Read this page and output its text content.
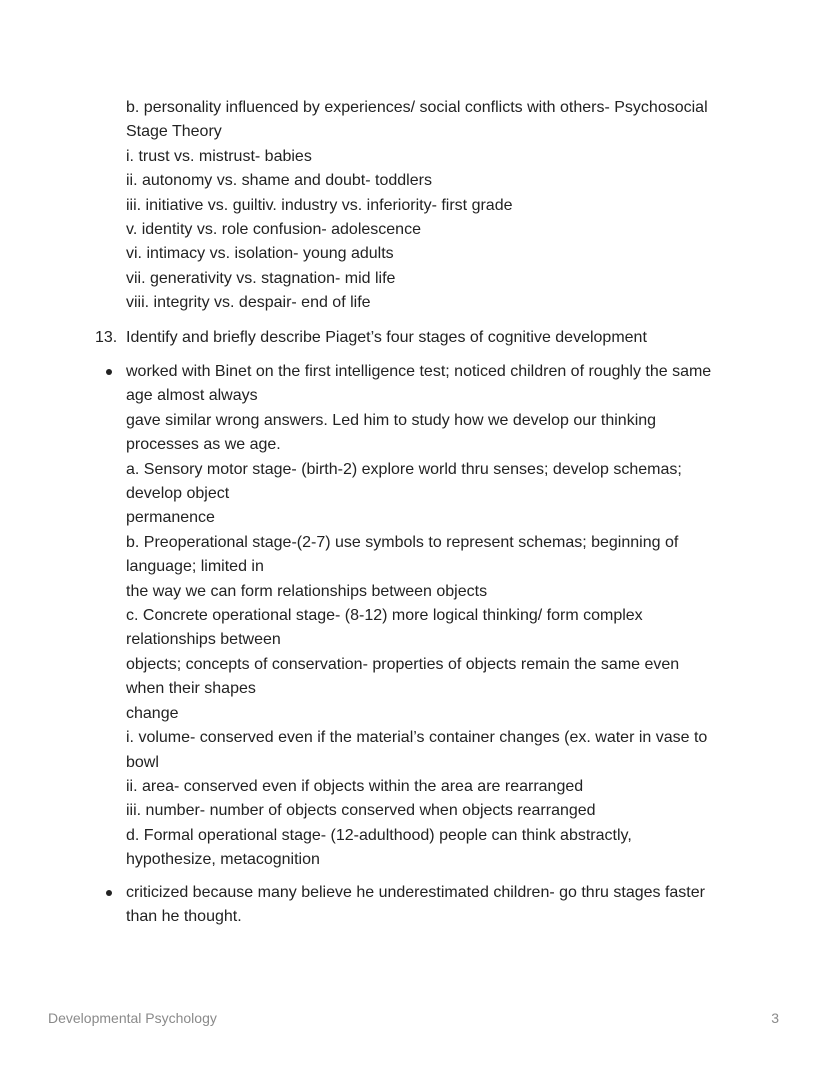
b. personality influenced by experiences/ social conflicts with others- Psychosocial
Stage Theory
i. trust vs. mistrust- babies
ii. autonomy vs. shame and doubt- toddlers
iii. initiative vs. guiltiv. industry vs. inferiority- first grade
v. identity vs. role confusion- adolescence
vi. intimacy vs. isolation- young adults
vii. generativity vs. stagnation- mid life
viii. integrity vs. despair- end of life
13. Identify and briefly describe Piaget’s four stages of cognitive development
worked with Binet on the first intelligence test; noticed children of roughly the same
age almost always
gave similar wrong answers. Led him to study how we develop our thinking
processes as we age.
a. Sensory motor stage- (birth-2) explore world thru senses; develop schemas;
develop object
permanence
b. Preoperational stage-(2-7) use symbols to represent schemas; beginning of
language; limited in
the way we can form relationships between objects
c. Concrete operational stage- (8-12) more logical thinking/ form complex
relationships between
objects; concepts of conservation- properties of objects remain the same even
when their shapes
change
i. volume- conserved even if the material’s container changes (ex. water in vase to
bowl
ii. area- conserved even if objects within the area are rearranged
iii. number- number of objects conserved when objects rearranged
d. Formal operational stage- (12-adulthood) people can think abstractly,
hypothesize, metacognition
criticized because many believe he underestimated children- go thru stages faster
than he thought.
Developmental Psychology	3
